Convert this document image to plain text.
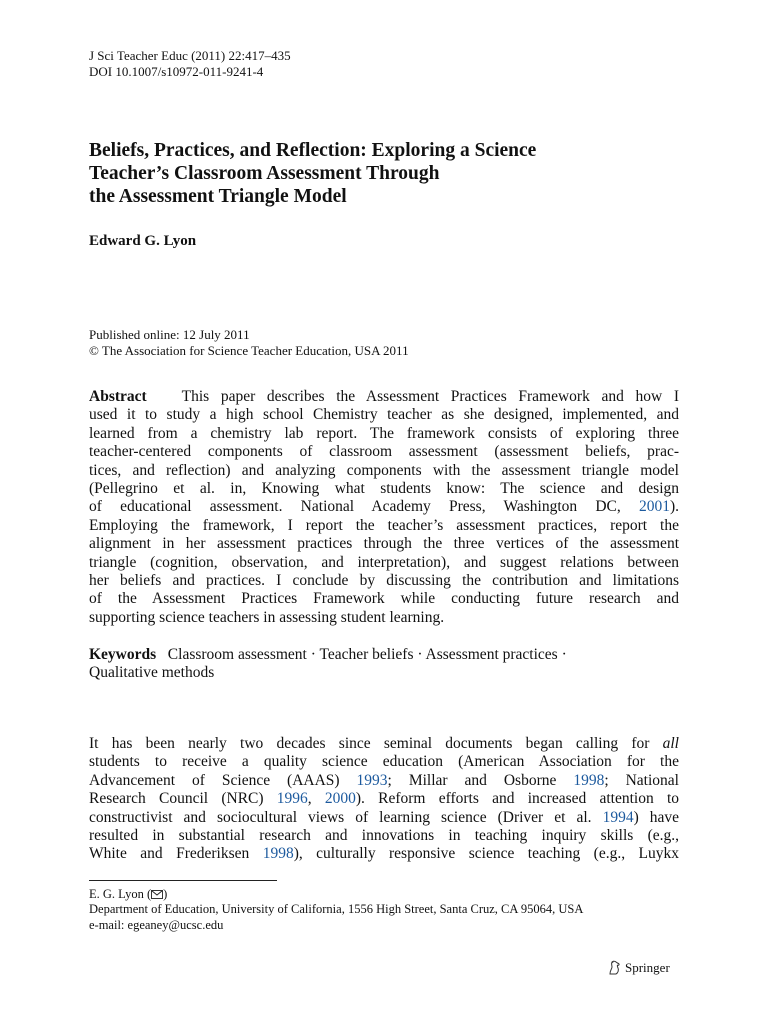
J Sci Teacher Educ (2011) 22:417–435
DOI 10.1007/s10972-011-9241-4
Beliefs, Practices, and Reflection: Exploring a Science
Teacher’s Classroom Assessment Through
the Assessment Triangle Model
Edward G. Lyon
Published online: 12 July 2011
© The Association for Science Teacher Education, USA 2011
Abstract This paper describes the Assessment Practices Framework and how I
used it to study a high school Chemistry teacher as she designed, implemented, and
learned from a chemistry lab report. The framework consists of exploring three
teacher-centered components of classroom assessment (assessment beliefs, prac-
tices, and reflection) and analyzing components with the assessment triangle model
(Pellegrino et al. in, Knowing what students know: The science and design
of educational assessment. National Academy Press, Washington DC, 2001).
Employing the framework, I report the teacher’s assessment practices, report the
alignment in her assessment practices through the three vertices of the assessment
triangle (cognition, observation, and interpretation), and suggest relations between
her beliefs and practices. I conclude by discussing the contribution and limitations
of the Assessment Practices Framework while conducting future research and
supporting science teachers in assessing student learning.
Keywords Classroom assessment · Teacher beliefs · Assessment practices ·
Qualitative methods
It has been nearly two decades since seminal documents began calling for all
students to receive a quality science education (American Association for the
Advancement of Science (AAAS) 1993; Millar and Osborne 1998; National
Research Council (NRC) 1996, 2000). Reform efforts and increased attention to
constructivist and sociocultural views of learning science (Driver et al. 1994) have
resulted in substantial research and innovations in teaching inquiry skills (e.g.,
White and Frederiksen 1998), culturally responsive science teaching (e.g., Luykx
E. G. Lyon ( )
Department of Education, University of California, 1556 High Street, Santa Cruz, CA 95064, USA
e-mail: egeaney@ucsc.edu
Springer
